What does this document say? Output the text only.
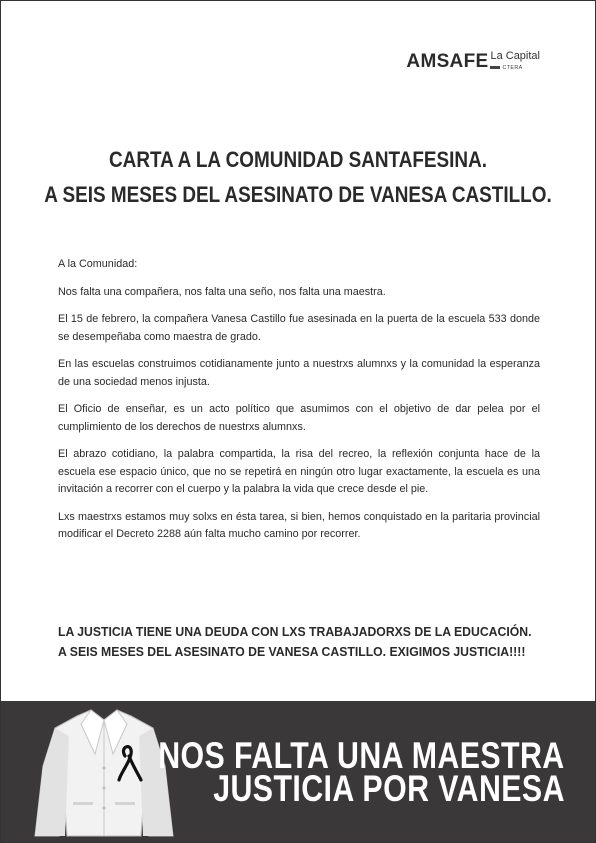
AMSAFE La Capital
CTERA
CARTA A LA COMUNIDAD SANTAFESINA.
A SEIS MESES DEL ASESINATO DE VANESA CASTILLO.

A la Comunidad:

Nos falta una compañera, nos falta una seño, nos falta una maestra.

El 15 de febrero, la compañera Vanesa Castillo fue asesinada en la puerta de la escuela 533 donde se desempeñaba como maestra de grado.

En las escuelas construimos cotidianamente junto a nuestrxs alumnxs y la comunidad la esperanza de una sociedad menos injusta.

El Oficio de enseñar, es un acto político que asumimos con el objetivo de dar pelea por el cumplimiento de los derechos de nuestrxs alumnxs.

El abrazo cotidiano, la palabra compartida, la risa del recreo, la reflexión conjunta hace de la escuela ese espacio único, que no se repetirá en ningún otro lugar exactamente, la escuela es una invitación a recorrer con el cuerpo y la palabra la vida que crece desde el pie.

Lxs maestrxs estamos muy solxs en ésta tarea, si bien, hemos conquistado en la paritaria provincial modificar el Decreto 2288 aún falta mucho camino por recorrer.

LA JUSTICIA TIENE UNA DEUDA CON LXS TRABAJADORXS DE LA EDUCACIÓN.
A SEIS MESES DEL ASESINATO DE VANESA CASTILLO. EXIGIMOS JUSTICIA!!!!
NOS FALTA UNA MAESTRA
JUSTICIA POR VANESA
